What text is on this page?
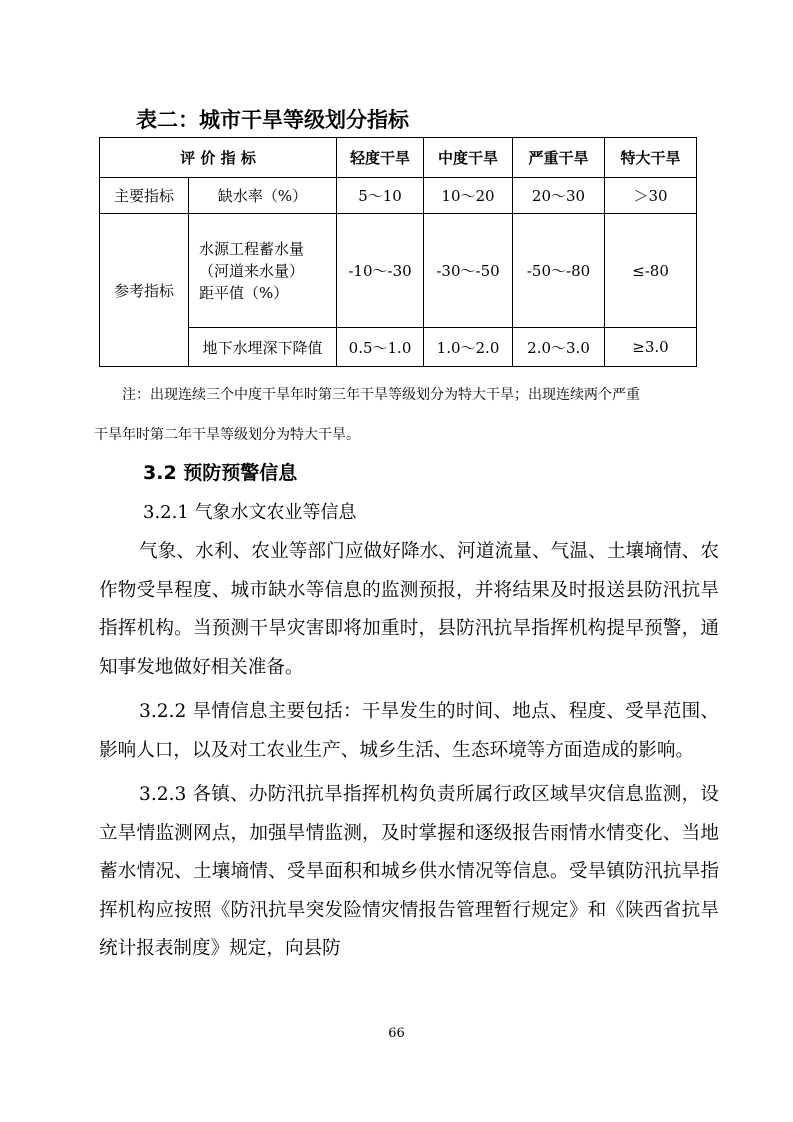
表二：城市干旱等级划分指标
评 价 指 标		轻度干旱	中度干旱	严重干旱	特大干旱
主要指标	缺水率（%）	5～10	10～20	20～30	＞30
参考指标	水源工程蓄水量
（河道来水量）
距平值（%）	-10～-30	-30～-50	-50～-80	≤-80
	地下水埋深下降值	0.5～1.0	1.0～2.0	2.0～3.0	≥3.0
注：出现连续三个中度干旱年时第三年干旱等级划分为特大干旱；出现连续两个严重
干旱年时第二年干旱等级划分为特大干旱。
3.2 预防预警信息
3.2.1 气象水文农业等信息

气象、水利、农业等部门应做好降水、河道流量、气温、土壤墒情、农作物受旱程度、城市缺水等信息的监测预报，并将结果及时报送县防汛抗旱指挥机构。当预测干旱灾害即将加重时，县防汛抗旱指挥机构提早预警，通知事发地做好相关准备。

3.2.2 旱情信息主要包括：干旱发生的时间、地点、程度、受旱范围、影响人口，以及对工农业生产、城乡生活、生态环境等方面造成的影响。

3.2.3 各镇、办防汛抗旱指挥机构负责所属行政区域旱灾信息监测，设立旱情监测网点，加强旱情监测，及时掌握和逐级报告雨情水情变化、当地蓄水情况、土壤墒情、受旱面积和城乡供水情况等信息。受旱镇防汛抗旱指挥机构应按照《防汛抗旱突发险情灾情报告管理暂行规定》和《陕西省抗旱统计报表制度》规定，向县防

66
